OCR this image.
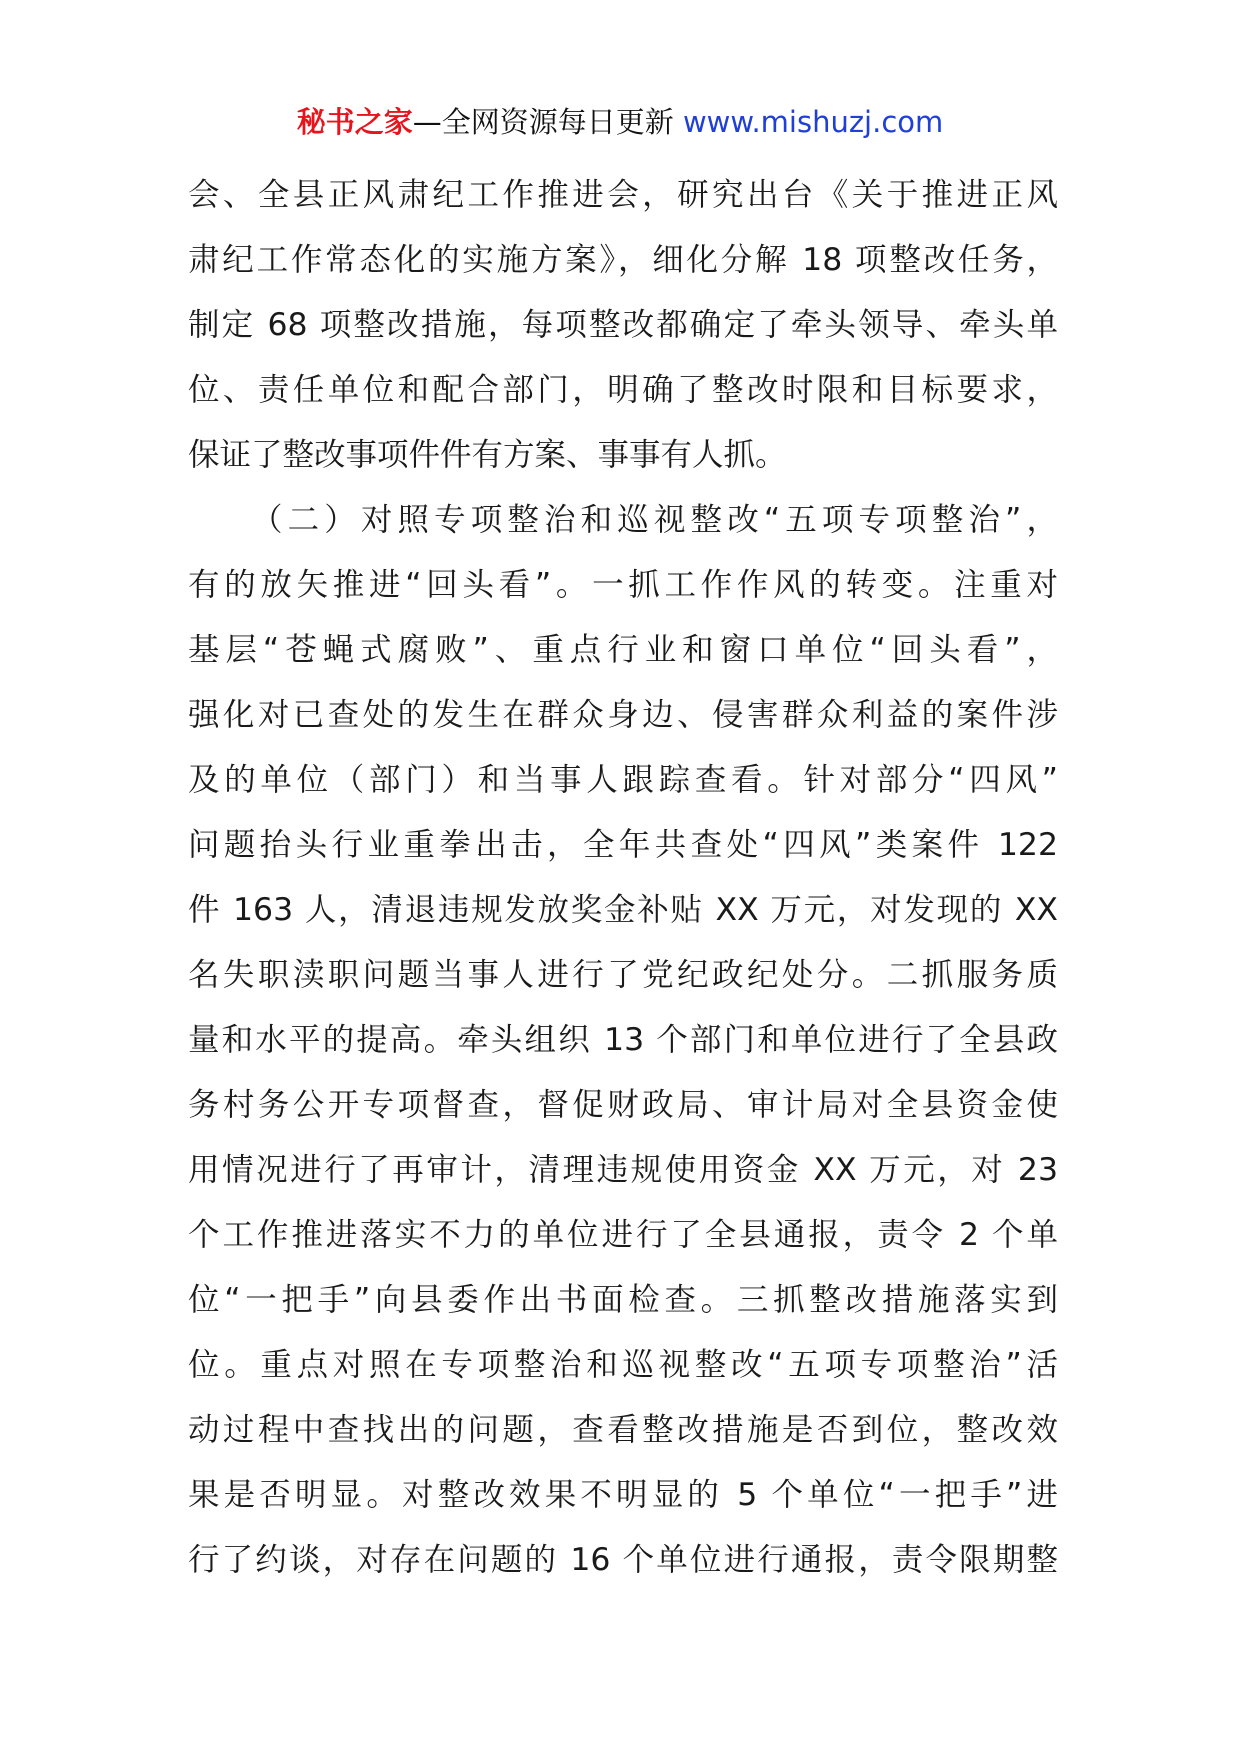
秘书之家—全网资源每日更新 www.mishuzj.com
会、全县正风肃纪工作推进会，研究出台《关于推进正风
肃纪工作常态化的实施方案》，细化分解 18 项整改任务，
制定 68 项整改措施，每项整改都确定了牵头领导、牵头单
位、责任单位和配合部门，明确了整改时限和目标要求，
保证了整改事项件件有方案、事事有人抓。
（二）对照专项整治和巡视整改“五项专项整治”，
有的放矢推进“回头看”。一抓工作作风的转变。注重对
基层“苍蝇式腐败”、重点行业和窗口单位“回头看”，
强化对已查处的发生在群众身边、侵害群众利益的案件涉
及的单位（部门）和当事人跟踪查看。针对部分“四风”
问题抬头行业重拳出击，全年共查处“四风”类案件 122
件 163 人，清退违规发放奖金补贴 XX 万元，对发现的 XX
名失职渎职问题当事人进行了党纪政纪处分。二抓服务质
量和水平的提高。牵头组织 13 个部门和单位进行了全县政
务村务公开专项督查，督促财政局、审计局对全县资金使
用情况进行了再审计，清理违规使用资金 XX 万元，对 23
个工作推进落实不力的单位进行了全县通报，责令 2 个单
位“一把手”向县委作出书面检查。三抓整改措施落实到
位。重点对照在专项整治和巡视整改“五项专项整治”活
动过程中查找出的问题，查看整改措施是否到位，整改效
果是否明显。对整改效果不明显的 5 个单位“一把手”进
行了约谈，对存在问题的 16 个单位进行通报，责令限期整
